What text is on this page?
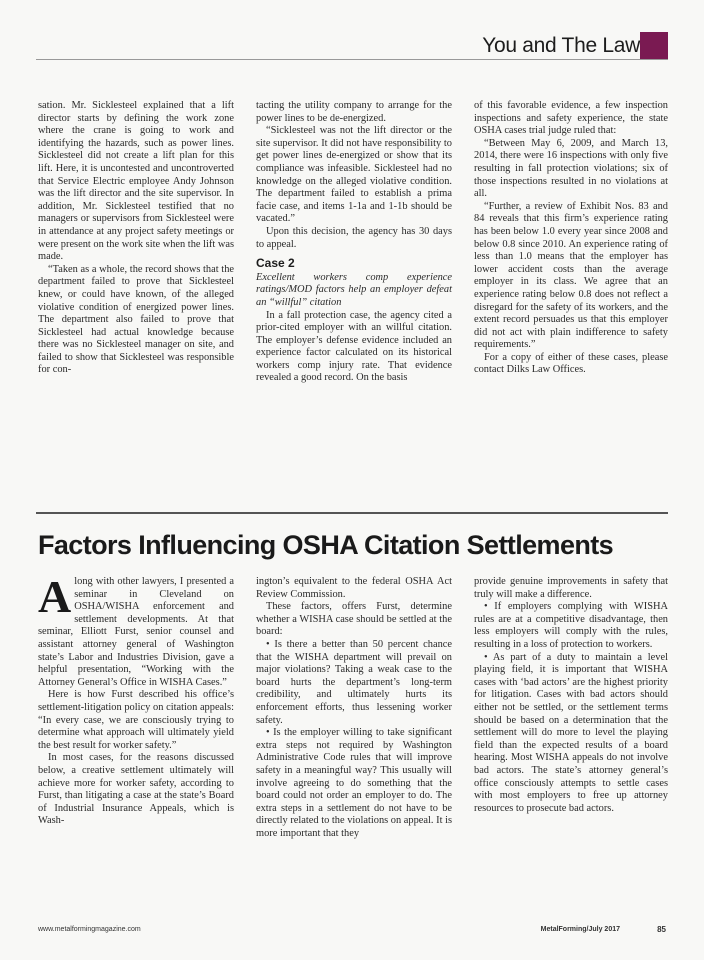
You and The Law

sation. Mr. Sicklesteel explained that a lift director starts by defining the work zone where the crane is going to work and identifying the hazards, such as power lines. Sicklesteel did not create a lift plan for this lift. Here, it is uncontested and uncontroverted that Service Electric employee Andy Johnson was the lift director and the site supervisor. In addition, Mr. Sicklesteel testified that no managers or supervisors from Sicklesteel were in attendance at any project safety meetings or were present on the work site when the lift was made.

“Taken as a whole, the record shows that the department failed to prove that Sicklesteel knew, or could have known, of the alleged violative condition of energized power lines. The department also failed to prove that Sicklesteel had actual knowledge because there was no Sicklesteel manager on site, and failed to show that Sicklesteel was responsible for con-

tacting the utility company to arrange for the power lines to be de-energized.

“Sicklesteel was not the lift director or the site supervisor. It did not have responsibility to get power lines de-energized or show that its compliance was infeasible. Sicklesteel had no knowledge on the alleged violative condition. The department failed to establish a prima facie case, and items 1-1a and 1-1b should be vacated.”

Upon this decision, the agency has 30 days to appeal.

Case 2

Excellent workers comp experience ratings/MOD factors help an employer defeat an “willful” citation

In a fall protection case, the agency cited a prior-cited employer with an willful citation. The employer’s defense evidence included an experience factor calculated on its historical workers comp injury rate. That evidence revealed a good record. On the basis

of this favorable evidence, a few inspection inspections and safety experience, the state OSHA cases trial judge ruled that:

“Between May 6, 2009, and March 13, 2014, there were 16 inspections with only five resulting in fall protection violations; six of those inspections resulted in no violations at all.

“Further, a review of Exhibit Nos. 83 and 84 reveals that this firm’s experience rating has been below 1.0 every year since 2008 and below 0.8 since 2010. An experience rating of less than 1.0 means that the employer has lower accident costs than the average employer in its class. We agree that an experience rating below 0.8 does not reflect a disregard for the safety of its workers, and the extent record persuades us that this employer did not act with plain indifference to safety requirements.”

For a copy of either of these cases, please contact Dilks Law Offices.

Factors Influencing OSHA Citation Settlements

Along with other lawyers, I presented a seminar in Cleveland on OSHA/WISHA enforcement and settlement developments. At that seminar, Elliott Furst, senior counsel and assistant attorney general of Washington state’s Labor and Industries Division, gave a helpful presentation, “Working with the Attorney General’s Office in WISHA Cases.”

Here is how Furst described his office’s settlement-litigation policy on citation appeals: “In every case, we are consciously trying to determine what approach will ultimately yield the best result for worker safety.”

In most cases, for the reasons discussed below, a creative settlement ultimately will achieve more for worker safety, according to Furst, than litigating a case at the state’s Board of Industrial Insurance Appeals, which is Wash-

ington’s equivalent to the federal OSHA Act Review Commission.

These factors, offers Furst, determine whether a WISHA case should be settled at the board:

• Is there a better than 50 percent chance that the WISHA department will prevail on major violations? Taking a weak case to the board hurts the department’s long-term credibility, and ultimately hurts its enforcement efforts, thus lessening worker safety.

• Is the employer willing to take significant extra steps not required by Washington Administrative Code rules that will improve safety in a meaningful way? This usually will involve agreeing to do something that the board could not order an employer to do. The extra steps in a settlement do not have to be directly related to the violations on appeal. It is more important that they

provide genuine improvements in safety that truly will make a difference.

• If employers complying with WISHA rules are at a competitive disadvantage, then less employers will comply with the rules, resulting in a loss of protection to workers.

• As part of a duty to maintain a level playing field, it is important that WISHA cases with ‘bad actors’ are the highest priority for litigation. Cases with bad actors should either not be settled, or the settlement terms should be based on a determination that the settlement will do more to level the playing field than the expected results of a board hearing. Most WISHA appeals do not involve bad actors. The state’s attorney general’s office consciously attempts to settle cases with most employers to free up attorney resources to prosecute bad actors.

www.metalformingmagazine.com	MetalForming/July 2017	85
